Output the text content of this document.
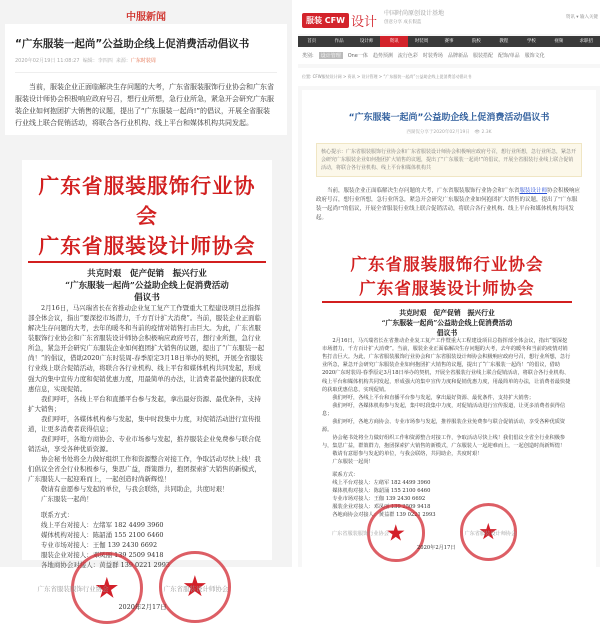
中服新闻
“广东服装一起尚”公益助企线上促消费活动倡议书
2020年02月19日 11:08:27 编辑：李四四 来源：广东时装周
当前，服装企业正面临解决生存问题的大考，广东省服装服饰行业协会和广东省服装设计师协会积极响应政府号召，想行业所想，急行业所急，紧急开会研究广东服装企业如何抱团扩大销售的议题，提出了“广东服装一起尚!”的倡议，开展全省服装行业线上联合促销活动，将联合各行业机构、线上平台和媒体机构共同发起。
广东省服装服饰行业协会
广东省服装设计师协会
共克时艰　促产促销　振兴行业
“广东服装一起尚”公益助企线上促消费活动
倡议书
2月16日，马兴瑞省长在省推动企业复工复产工作暨重大工程建设项目总指挥部全体会议，指出“要深挖市场潜力，千方百计扩大消费”。当前，服装企业正面临解决生存问题的大考，去年的暖冬和当前的疫情对销售打击巨大。为此，广东省服装服饰行业协会和广东省服装设计师协会积极响应政府号召，想行业所想，急行业所急，紧急开会研究广东服装企业如何抱团扩大销售的议题，提出了“广东服装一起尚！”的倡议，借助2020广东时装周-春季原定3月18日举办的契机，开展全省服装行业线上联合促销活动，将联合各行业机构、线上平台和媒体机构共同发起，形成强大的集中宣传力度和促销优惠力度，用最简单的办法，让消费者最快捷的获取优惠信息，实现促销。
我们呼吁，各线上平台和直播平台参与发起，拿出最好资源、最优条件，支持扩大销售；
我们呼吁，各媒体机构参与发起，集中时段集中力度，对促销活动进行宣传报道，让更多消费者获得信息；
我们呼吁，各地方商协会、专业市场参与发起，推荐服装企业免费参与联合促销活动，享受各种优质资源。
协会秘书处将全力做好组织工作和资源整合对接工作，争取活动尽快上线！我们倡议全省全行业积极参与，集思广益，群策群力，抱团探索扩大销售的新模式，广东服装人一起迎难而上，一起创造时尚新辉煌！
敬请有意愿参与发起的单位，与我会联络，共同助企，共度时艰！
广东服装一起尚！
联系方式：
线上平台对接人：左绪军 182 4499 3960
媒体机构对接人：陈韶涌 155 2100 6460
专业市场对接人：王伽 139 2430 6692
服装企业对接人：邓凤丽 139 2509 9418
各地商协会对接人：黄益群 139 0221 2993
广东省服装服饰行业协会	广东省服装设计师协会
2020年2月17日
服装 CFW 设计
中国时尚原创设计基地
创意分享 成长假蓝
资讯 ▾ 输入关键
首页	作品	设计师	资讯	时装周	赛事	院校	教程	学校	视频	求职招
类别:	设计管理	One一体 趋势预测 流行色彩 时装秀场 品牌新品 服装搭配 配饰/单品 服饰文化
位置: CFW服装设计网 > 资讯 > 设计管理 > “广东服装一起尚”公益助企线上促消费活动倡议书
“广东服装一起尚”公益助企线上促消费活动倡议书
西湖侃分享于2020年02月19日　 👁 2.3K
核心提示：广东省服装服饰行业协会和广东省服装设计师协会积极响应政府号召，想行业所想，急行业所急，紧急开会研究广东服装企业如何抱团扩大销售的议题，提出了“广东服装一起尚!”的倡议，开展全省服装行业线上联合促销活动，将联合各行业机构、线上平台和媒体机构共
当前，服装企业正面临解决生存问题的大考，广东省服装服饰行业协会和广东省服装设计师协会积极响应政府号召，想行业所想，急行业所急，紧急开会研究广东服装企业如何抱团扩大销售的议题，提出了“广东服装一起尚!”的倡议，开展全省服装行业线上联合促销活动，将联合各行业机构、线上平台和媒体机构共同发起。
广东省服装服饰行业协会
广东省服装设计师协会
共克时艰　促产促销　振兴行业
“广东服装一起尚”公益助企线上促消费活动
倡议书
2月16日，马兴瑞省长在省推动企业复工复产工作暨重大工程建设项目总指挥部全体会议，指出“要深挖市场潜力，千方百计扩大消费”。当前，服装企业正面临解决生存问题的大考，去年的暖冬和当前的疫情对销售打击巨大。为此，广东省服装服饰行业协会和广东省服装设计师协会积极响应政府号召，想行业所想，急行业所急，紧急开会研究广东服装企业如何抱团扩大销售的议题，提出了“广东服装一起尚！”的倡议，借助2020广东时装周-春季原定3月18日举办的契机，开展全省服装行业线上联合促销活动，将联合各行业机构、线上平台和媒体机构共同发起，形成强大的集中宣传力度和促销优惠力度，用最简单的办法，让消费者最快捷的获取优惠信息，实现促销。
我们呼吁，各线上平台和直播平台参与发起，拿出最好资源、最优条件，支持扩大销售；
我们呼吁，各媒体机构参与发起，集中时段集中力度，对促销活动进行宣传报道，让更多消费者获得信息；
我们呼吁，各地方商协会、专业市场参与发起，推荐服装企业免费参与联合促销活动，享受各种优质资源。
协会秘书处将全力做好组织工作和资源整合对接工作，争取活动尽快上线！我们倡议全省全行业积极参与，集思广益，群策群力，抱团探索扩大销售的新模式，广东服装人一起迎难而上，一起创造时尚新辉煌！
敬请有意愿参与发起的单位，与我会联络，共同助企，共度时艰！
广东服装一起尚！
联系方式：
线上平台对接人：左绪军 182 4499 3960
媒体机构对接人：陈韶涌 155 2100 6460
专业市场对接人：王伽 139 2430 6692
服装企业对接人：邓凤丽 139 2509 9418
各地商协会对接人：黄益群 139 0221 2993
广东省服装服饰行业协会	广东省服装设计师协会
2020年2月17日
